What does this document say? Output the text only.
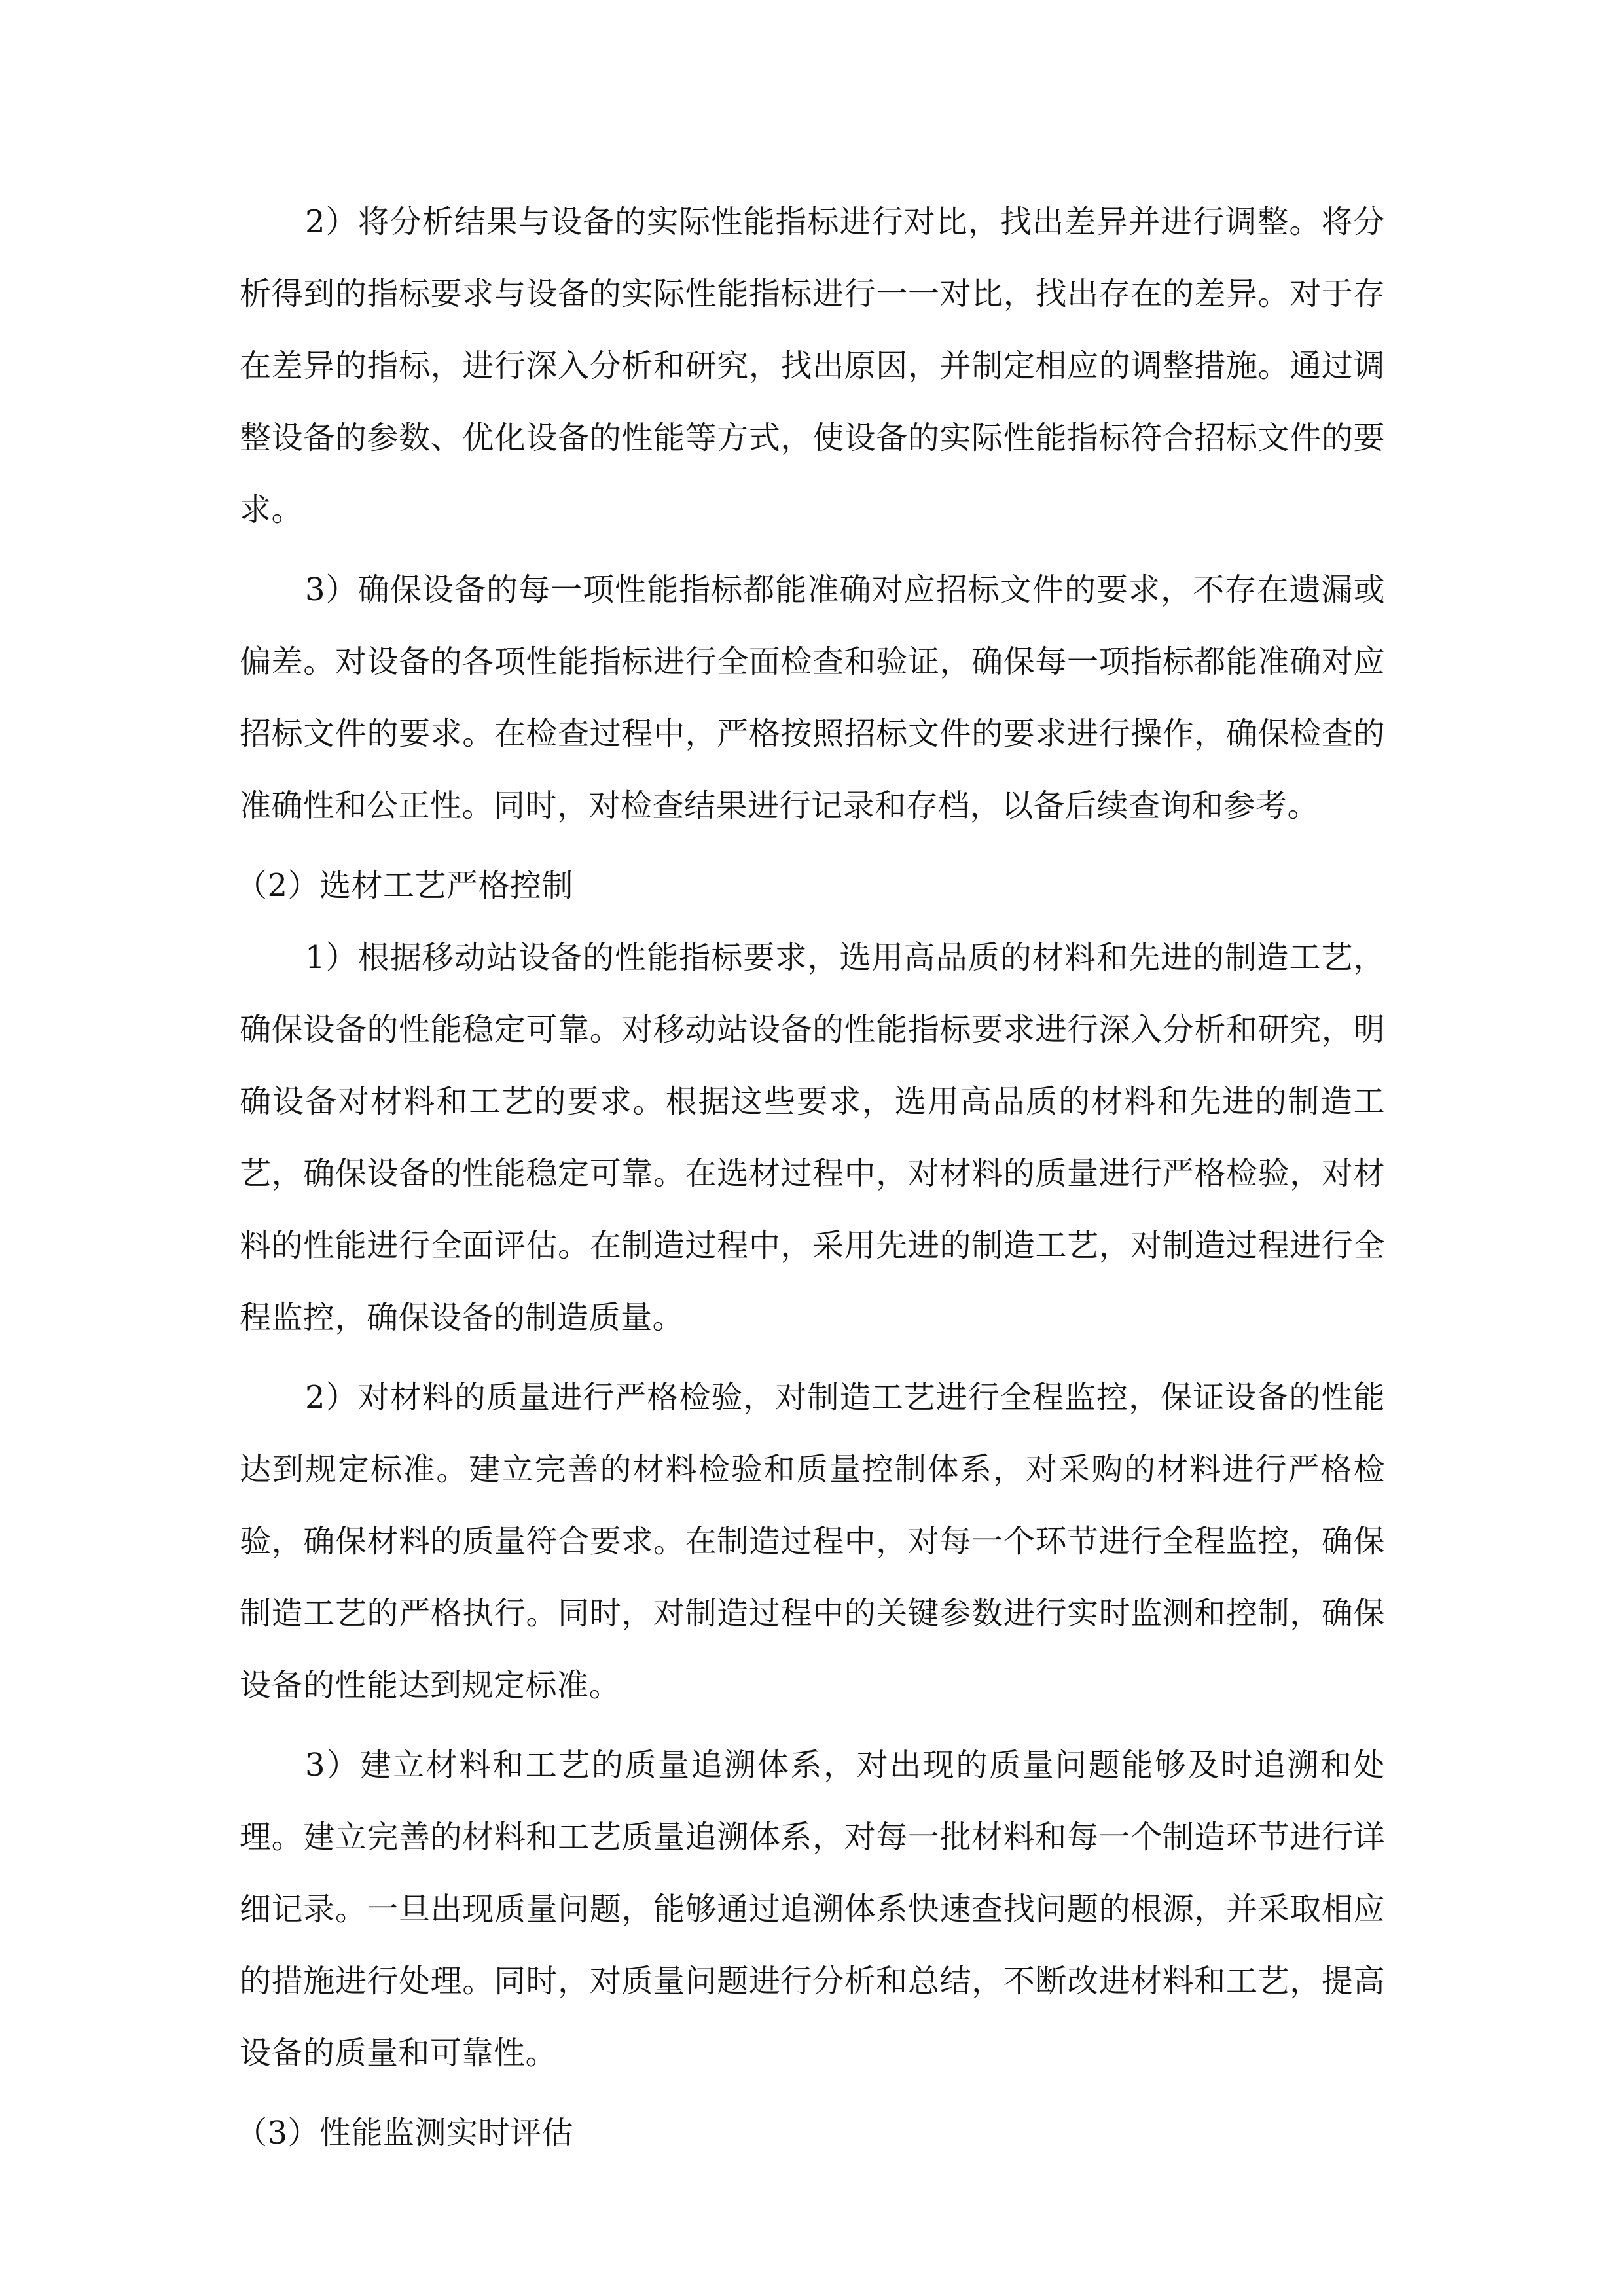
2）将分析结果与设备的实际性能指标进行对比，找出差异并进行调整。将分析得到的指标要求与设备的实际性能指标进行一一对比，找出存在的差异。对于存在差异的指标，进行深入分析和研究，找出原因，并制定相应的调整措施。通过调整设备的参数、优化设备的性能等方式，使设备的实际性能指标符合招标文件的要求。

3）确保设备的每一项性能指标都能准确对应招标文件的要求，不存在遗漏或偏差。对设备的各项性能指标进行全面检查和验证，确保每一项指标都能准确对应招标文件的要求。在检查过程中，严格按照招标文件的要求进行操作，确保检查的准确性和公正性。同时，对检查结果进行记录和存档，以备后续查询和参考。

（2）选材工艺严格控制

1）根据移动站设备的性能指标要求，选用高品质的材料和先进的制造工艺，确保设备的性能稳定可靠。对移动站设备的性能指标要求进行深入分析和研究，明确设备对材料和工艺的要求。根据这些要求，选用高品质的材料和先进的制造工艺，确保设备的性能稳定可靠。在选材过程中，对材料的质量进行严格检验，对材料的性能进行全面评估。在制造过程中，采用先进的制造工艺，对制造过程进行全程监控，确保设备的制造质量。

2）对材料的质量进行严格检验，对制造工艺进行全程监控，保证设备的性能达到规定标准。建立完善的材料检验和质量控制体系，对采购的材料进行严格检验，确保材料的质量符合要求。在制造过程中，对每一个环节进行全程监控，确保制造工艺的严格执行。同时，对制造过程中的关键参数进行实时监测和控制，确保设备的性能达到规定标准。

3）建立材料和工艺的质量追溯体系，对出现的质量问题能够及时追溯和处理。建立完善的材料和工艺质量追溯体系，对每一批材料和每一个制造环节进行详细记录。一旦出现质量问题，能够通过追溯体系快速查找问题的根源，并采取相应的措施进行处理。同时，对质量问题进行分析和总结，不断改进材料和工艺，提高设备的质量和可靠性。

（3）性能监测实时评估
